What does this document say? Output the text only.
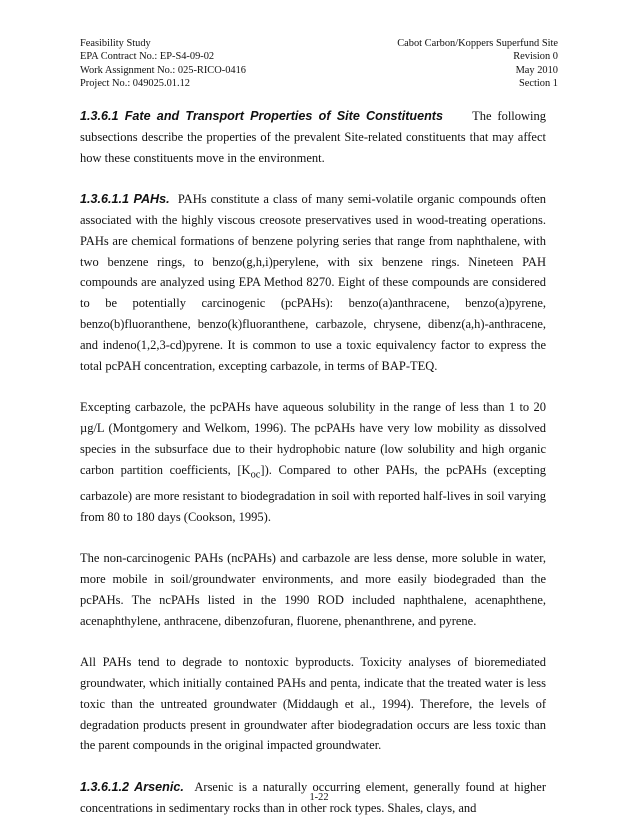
Feasibility Study
EPA Contract No.: EP-S4-09-02
Work Assignment No.: 025-RICO-0416
Project No.: 049025.01.12
Cabot Carbon/Koppers Superfund Site
Revision 0
May 2010
Section 1

1.3.6.1 Fate and Transport Properties of Site Constituents The following subsections describe the properties of the prevalent Site-related constituents that may affect how these constituents move in the environment.

1.3.6.1.1 PAHs. PAHs constitute a class of many semi-volatile organic compounds often associated with the highly viscous creosote preservatives used in wood-treating operations. PAHs are chemical formations of benzene polyring series that range from naphthalene, with two benzene rings, to benzo(g,h,i)perylene, with six benzene rings. Nineteen PAH compounds are analyzed using EPA Method 8270. Eight of these compounds are considered to be potentially carcinogenic (pcPAHs): benzo(a)anthracene, benzo(a)pyrene, benzo(b)fluoranthene, benzo(k)fluoranthene, carbazole, chrysene, dibenz(a,h)-anthracene, and indeno(1,2,3-cd)pyrene. It is common to use a toxic equivalency factor to express the total pcPAH concentration, excepting carbazole, in terms of BAP-TEQ.

Excepting carbazole, the pcPAHs have aqueous solubility in the range of less than 1 to 20 µg/L (Montgomery and Welkom, 1996). The pcPAHs have very low mobility as dissolved species in the subsurface due to their hydrophobic nature (low solubility and high organic carbon partition coefficients, $[K_{oc}]$). Compared to other PAHs, the pcPAHs (excepting carbazole) are more resistant to biodegradation in soil with reported half-lives in soil varying from 80 to 180 days (Cookson, 1995).

The non-carcinogenic PAHs (ncPAHs) and carbazole are less dense, more soluble in water, more mobile in soil/groundwater environments, and more easily biodegraded than the pcPAHs. The ncPAHs listed in the 1990 ROD included naphthalene, acenaphthene, acenaphthylene, anthracene, dibenzofuran, fluorene, phenanthrene, and pyrene.

All PAHs tend to degrade to nontoxic byproducts. Toxicity analyses of bioremediated groundwater, which initially contained PAHs and penta, indicate that the treated water is less toxic than the untreated groundwater (Middaugh et al., 1994). Therefore, the levels of degradation products present in groundwater after biodegradation occurs are less toxic than the parent compounds in the original impacted groundwater.

1.3.6.1.2 Arsenic. Arsenic is a naturally occurring element, generally found at higher concentrations in sedimentary rocks than in other rock types. Shales, clays, and

1-22
